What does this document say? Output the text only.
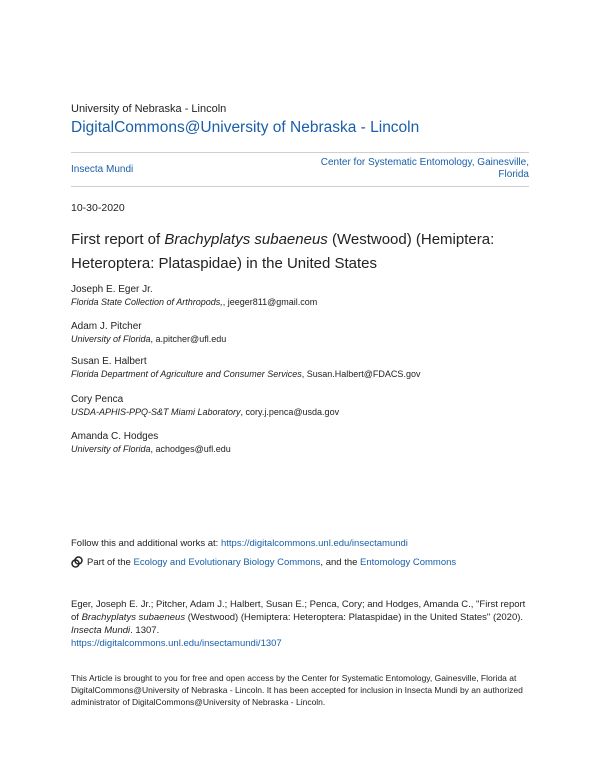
University of Nebraska - Lincoln
DigitalCommons@University of Nebraska - Lincoln
Insecta Mundi
Center for Systematic Entomology, Gainesville, Florida
10-30-2020
First report of Brachyplatys subaeneus (Westwood) (Hemiptera: Heteroptera: Plataspidae) in the United States
Joseph E. Eger Jr.
Florida State Collection of Arthropods,, jeeger811@gmail.com
Adam J. Pitcher
University of Florida, a.pitcher@ufl.edu
Susan E. Halbert
Florida Department of Agriculture and Consumer Services, Susan.Halbert@FDACS.gov
Cory Penca
USDA-APHIS-PPQ-S&T Miami Laboratory, cory.j.penca@usda.gov
Amanda C. Hodges
University of Florida, achodges@ufl.edu
Follow this and additional works at: https://digitalcommons.unl.edu/insectamundi
Part of the Ecology and Evolutionary Biology Commons, and the Entomology Commons
Eger, Joseph E. Jr.; Pitcher, Adam J.; Halbert, Susan E.; Penca, Cory; and Hodges, Amanda C., "First report of Brachyplatys subaeneus (Westwood) (Hemiptera: Heteroptera: Plataspidae) in the United States" (2020). Insecta Mundi. 1307.
https://digitalcommons.unl.edu/insectamundi/1307
This Article is brought to you for free and open access by the Center for Systematic Entomology, Gainesville, Florida at DigitalCommons@University of Nebraska - Lincoln. It has been accepted for inclusion in Insecta Mundi by an authorized administrator of DigitalCommons@University of Nebraska - Lincoln.
